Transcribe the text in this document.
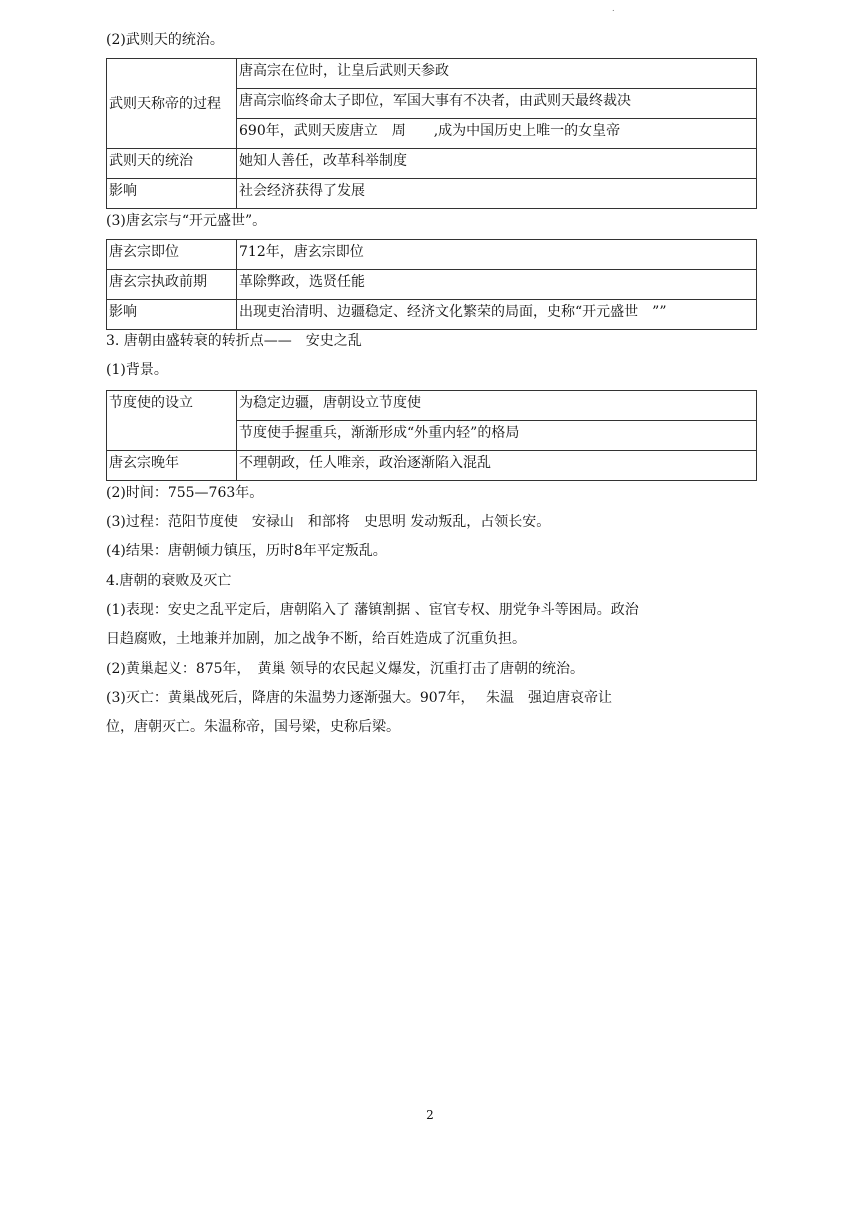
.
(2)武则天的统治。
武则天称帝的过程	唐高宗在位时，让皇后武则天参政
	唐高宗临终命太子即位，军国大事有不决者，由武则天最终裁决
	690年，武则天废唐立　周　　,成为中国历史上唯一的女皇帝
武则天的统治	她知人善任，改革科举制度
影响	社会经济获得了发展
(3)唐玄宗与“开元盛世”。
唐玄宗即位	712年，唐玄宗即位
唐玄宗执政前期	革除弊政，选贤任能
影响	出现吏治清明、边疆稳定、经济文化繁荣的局面，史称“开元盛世　””
3. 唐朝由盛转衰的转折点——　安史之乱
(1)背景。
节度使的设立	为稳定边疆，唐朝设立节度使
	节度使手握重兵，渐渐形成“外重内轻”的格局
唐玄宗晚年	不理朝政，任人唯亲，政治逐渐陷入混乱
(2)时间：755—763年。
(3)过程：范阳节度使　安禄山　和部将　史思明 发动叛乱，占领长安。
(4)结果：唐朝倾力镇压，历时8年平定叛乱。
4.唐朝的衰败及灭亡
(1)表现：安史之乱平定后，唐朝陷入了 藩镇割据 、宦官专权、朋党争斗等困局。政治
日趋腐败，土地兼并加剧，加之战争不断，给百姓造成了沉重负担。
(2)黄巢起义：875年，　黄巢 领导的农民起义爆发，沉重打击了唐朝的统治。
(3)灭亡：黄巢战死后，降唐的朱温势力逐渐强大。907年，　 朱温　强迫唐哀帝让
位，唐朝灭亡。朱温称帝，国号梁，史称后梁。
2
